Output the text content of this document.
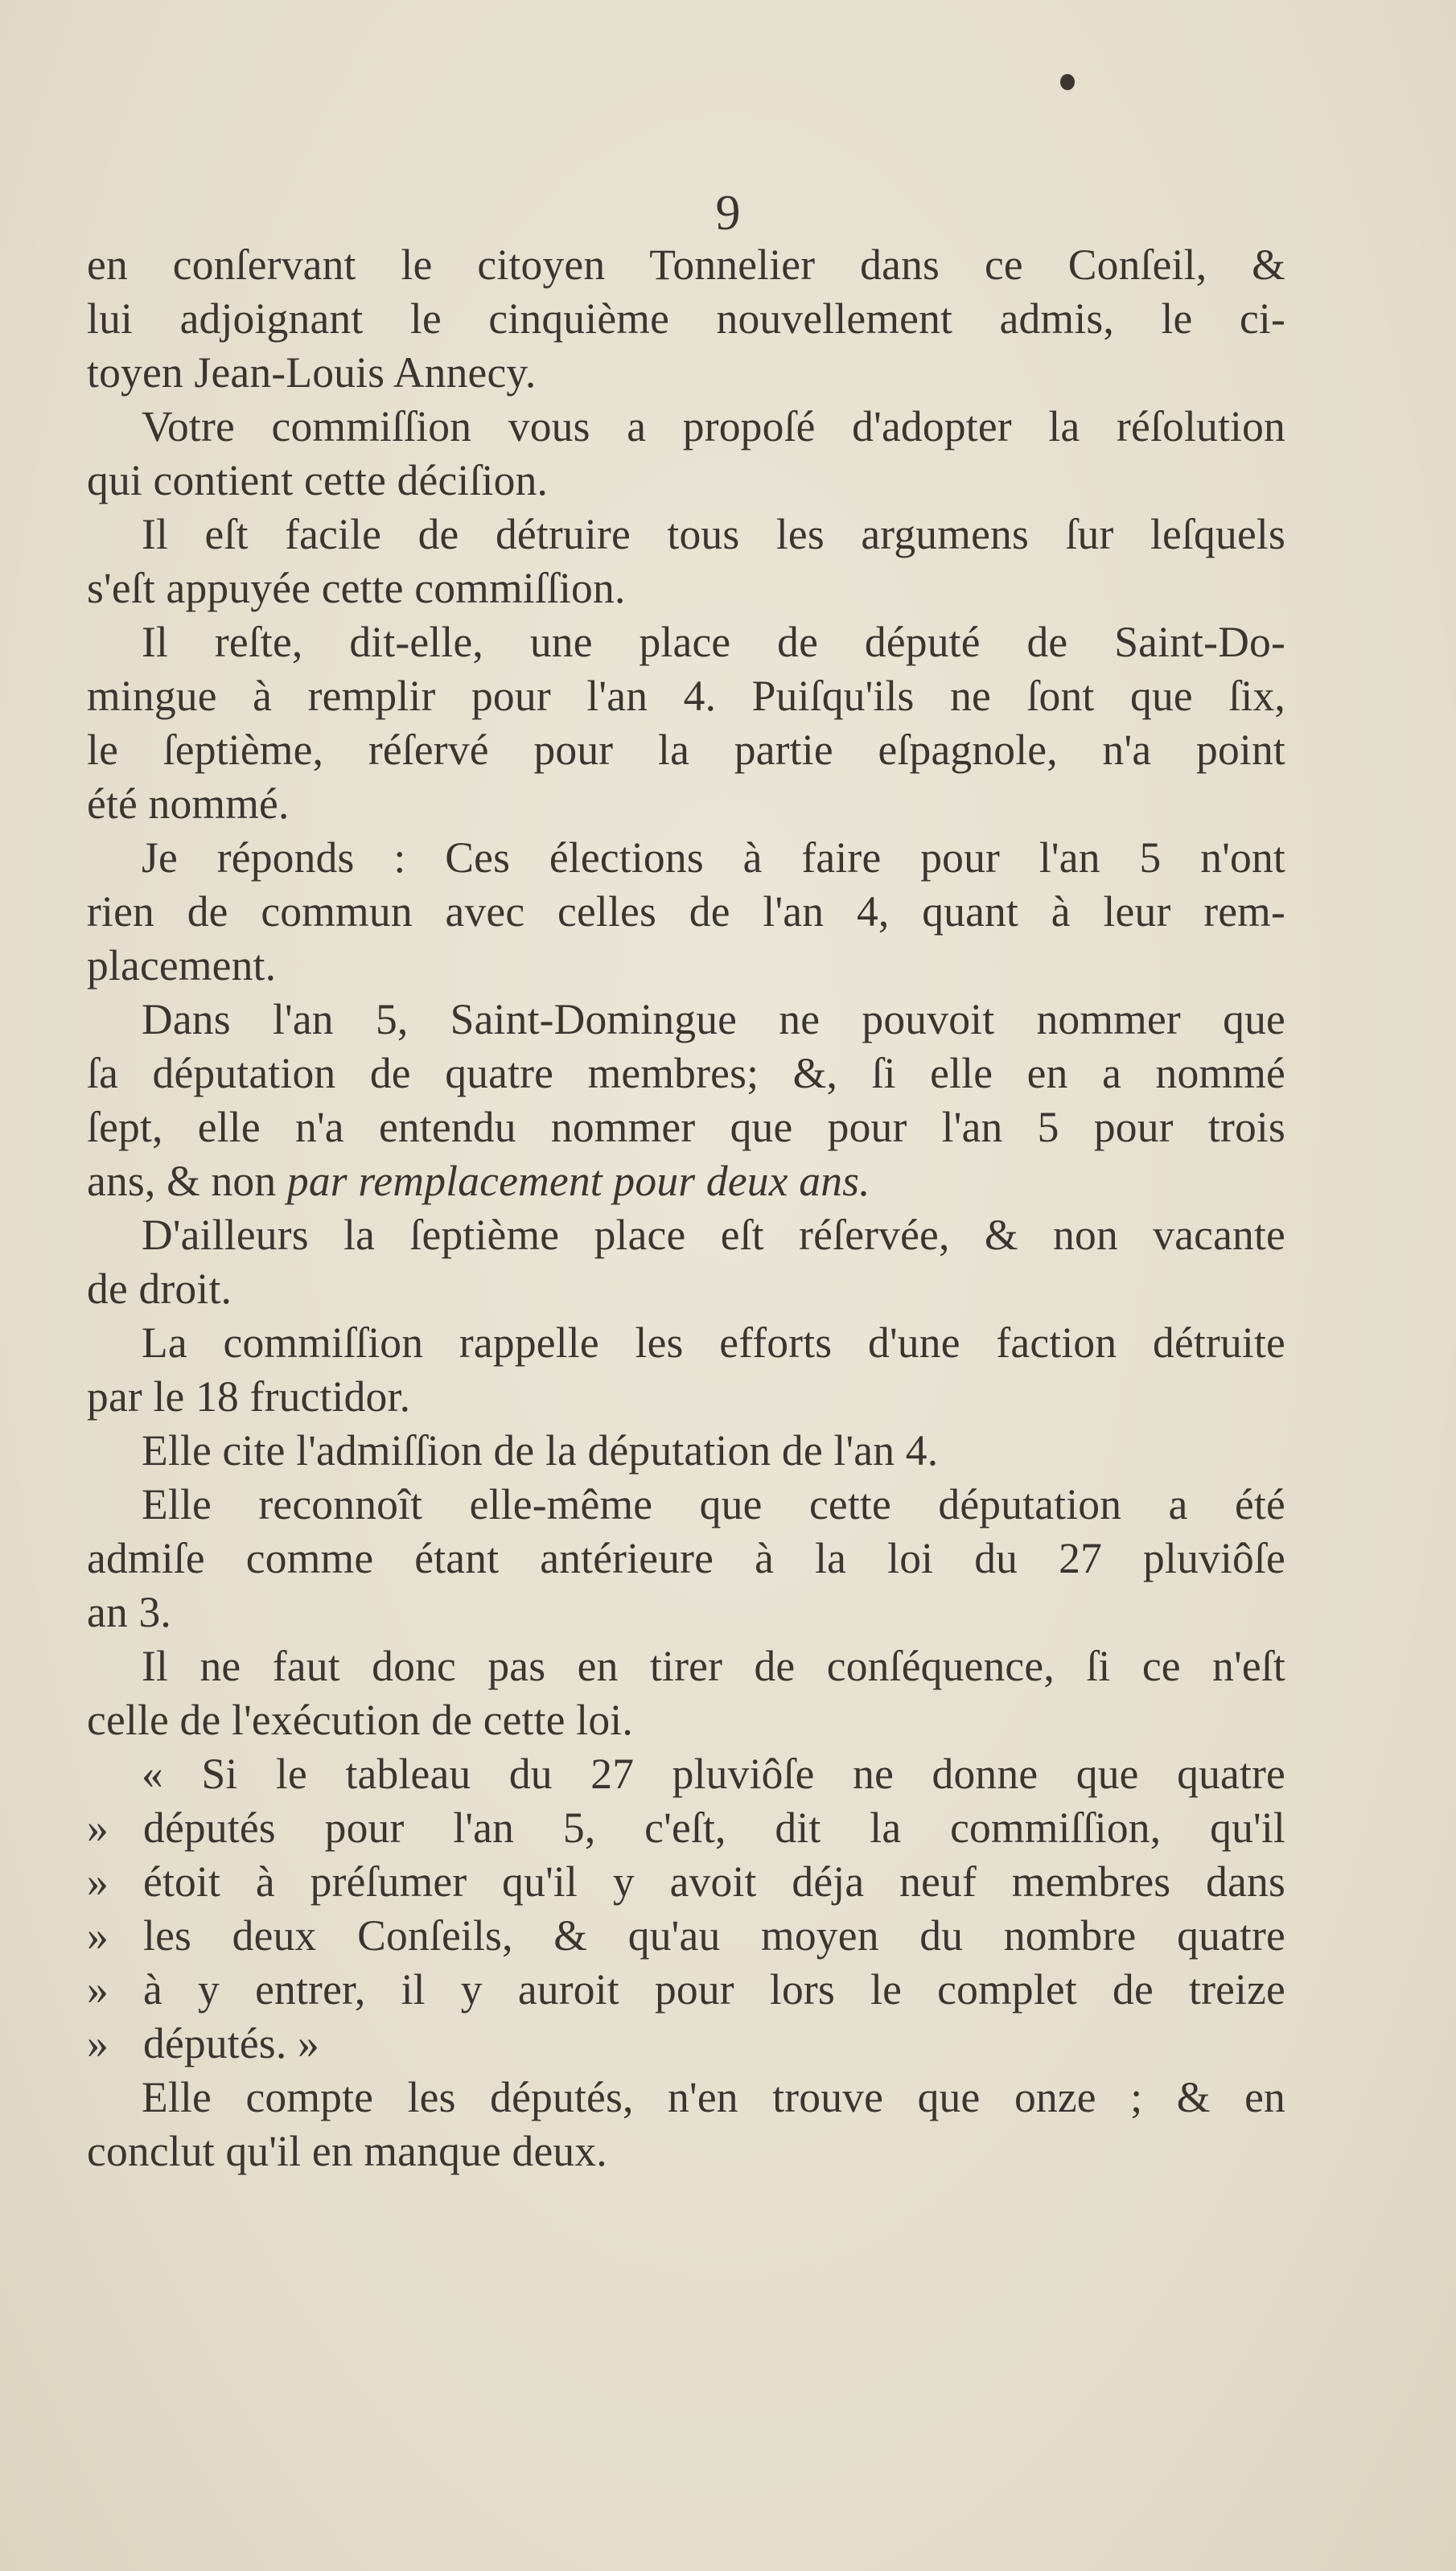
9
en conſervant le citoyen Tonnelier dans ce Conſeil, &
lui adjoignant le cinquième nouvellement admis, le ci-
toyen Jean-Louis Annecy.
Votre commiſſion vous a propoſé d'adopter la réſolution
qui contient cette déciſion.
Il eſt facile de détruire tous les argumens ſur leſquels
s'eſt appuyée cette commiſſion.
Il reſte, dit-elle, une place de député de Saint-Do-
mingue à remplir pour l'an 4. Puiſqu'ils ne ſont que ſix,
le ſeptième, réſervé pour la partie eſpagnole, n'a point
été nommé.
Je réponds : Ces élections à faire pour l'an 5 n'ont
rien de commun avec celles de l'an 4, quant à leur rem-
placement.
Dans l'an 5, Saint-Domingue ne pouvoit nommer que
ſa députation de quatre membres; &, ſi elle en a nommé
ſept, elle n'a entendu nommer que pour l'an 5 pour trois
ans, & non par remplacement pour deux ans.
D'ailleurs la ſeptième place eſt réſervée, & non vacante
de droit.
La commiſſion rappelle les efforts d'une faction détruite
par le 18 fructidor.
Elle cite l'admiſſion de la députation de l'an 4.
Elle reconnoît elle-même que cette députation a été
admiſe comme étant antérieure à la loi du 27 pluviôſe
an 3.
Il ne faut donc pas en tirer de conſéquence, ſi ce n'eſt
celle de l'exécution de cette loi.
« Si le tableau du 27 pluviôſe ne donne que quatre
» députés pour l'an 5, c'eſt, dit la commiſſion, qu'il
» étoit à préſumer qu'il y avoit déja neuf membres dans
» les deux Conſeils, & qu'au moyen du nombre quatre
» à y entrer, il y auroit pour lors le complet de treize
» députés. »
Elle compte les députés, n'en trouve que onze ; & en
conclut qu'il en manque deux.
